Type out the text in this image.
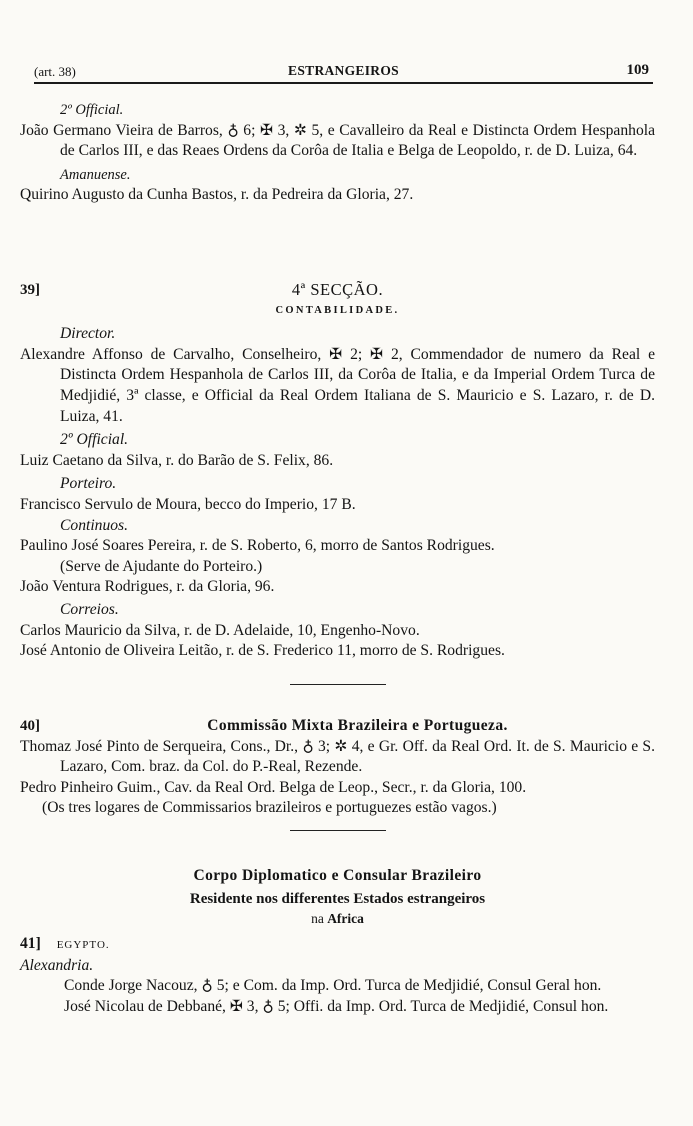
(art. 38)	ESTRANGEIROS	109

2º Official.

João Germano Vieira de Barros, ♁ 6; ✠ 3, ✲ 5, e Cavalleiro da Real e Distincta Ordem Hespanhola de Carlos III, e das Reaes Ordens da Corôa de Italia e Belga de Leopoldo, r. de D. Luiza, 64.

Amanuense.

Quirino Augusto da Cunha Bastos, r. da Pedreira da Gloria, 27.

39]	4ª SECÇÃO.
CONTABILIDADE.

Director.

Alexandre Affonso de Carvalho, Conselheiro, ✠ 2; ✠ 2, Commendador de numero da Real e Distincta Ordem Hespanhola de Carlos III, da Corôa de Italia, e da Imperial Ordem Turca de Medjidié, 3ª classe, e Official da Real Ordem Italiana de S. Mauricio e S. Lazaro, r. de D. Luiza, 41.

2º Official.

Luiz Caetano da Silva, r. do Barão de S. Felix, 86.

Porteiro.

Francisco Servulo de Moura, becco do Imperio, 17 B.

Continuos.

Paulino José Soares Pereira, r. de S. Roberto, 6, morro de Santos Rodrigues.

(Serve de Ajudante do Porteiro.)

João Ventura Rodrigues, r. da Gloria, 96.

Correios.

Carlos Mauricio da Silva, r. de D. Adelaide, 10, Engenho-Novo.

José Antonio de Oliveira Leitão, r. de S. Frederico 11, morro de S. Rodrigues.

40]	Commissão Mixta Brazileira e Portugueza.

Thomaz José Pinto de Serqueira, Cons., Dr., ♁ 3; ✲ 4, e Gr. Off. da Real Ord. It. de S. Mauricio e S. Lazaro, Com. braz. da Col. do P.-Real, Rezende.

Pedro Pinheiro Guim., Cav. da Real Ord. Belga de Leop., Secr., r. da Gloria, 100.

(Os tres logares de Commissarios brazileiros e portuguezes estão vagos.)

Corpo Diplomatico e Consular Brazileiro
Residente nos differentes Estados estrangeiros
na Africa
41] EGYPTO.

Alexandria.

Conde Jorge Nacouz, ♁ 5; e Com. da Imp. Ord. Turca de Medjidié, Consul Geral hon.

José Nicolau de Debbané, ✠ 3, ♁ 5; Offi. da Imp. Ord. Turca de Medjidié, Consul hon.
